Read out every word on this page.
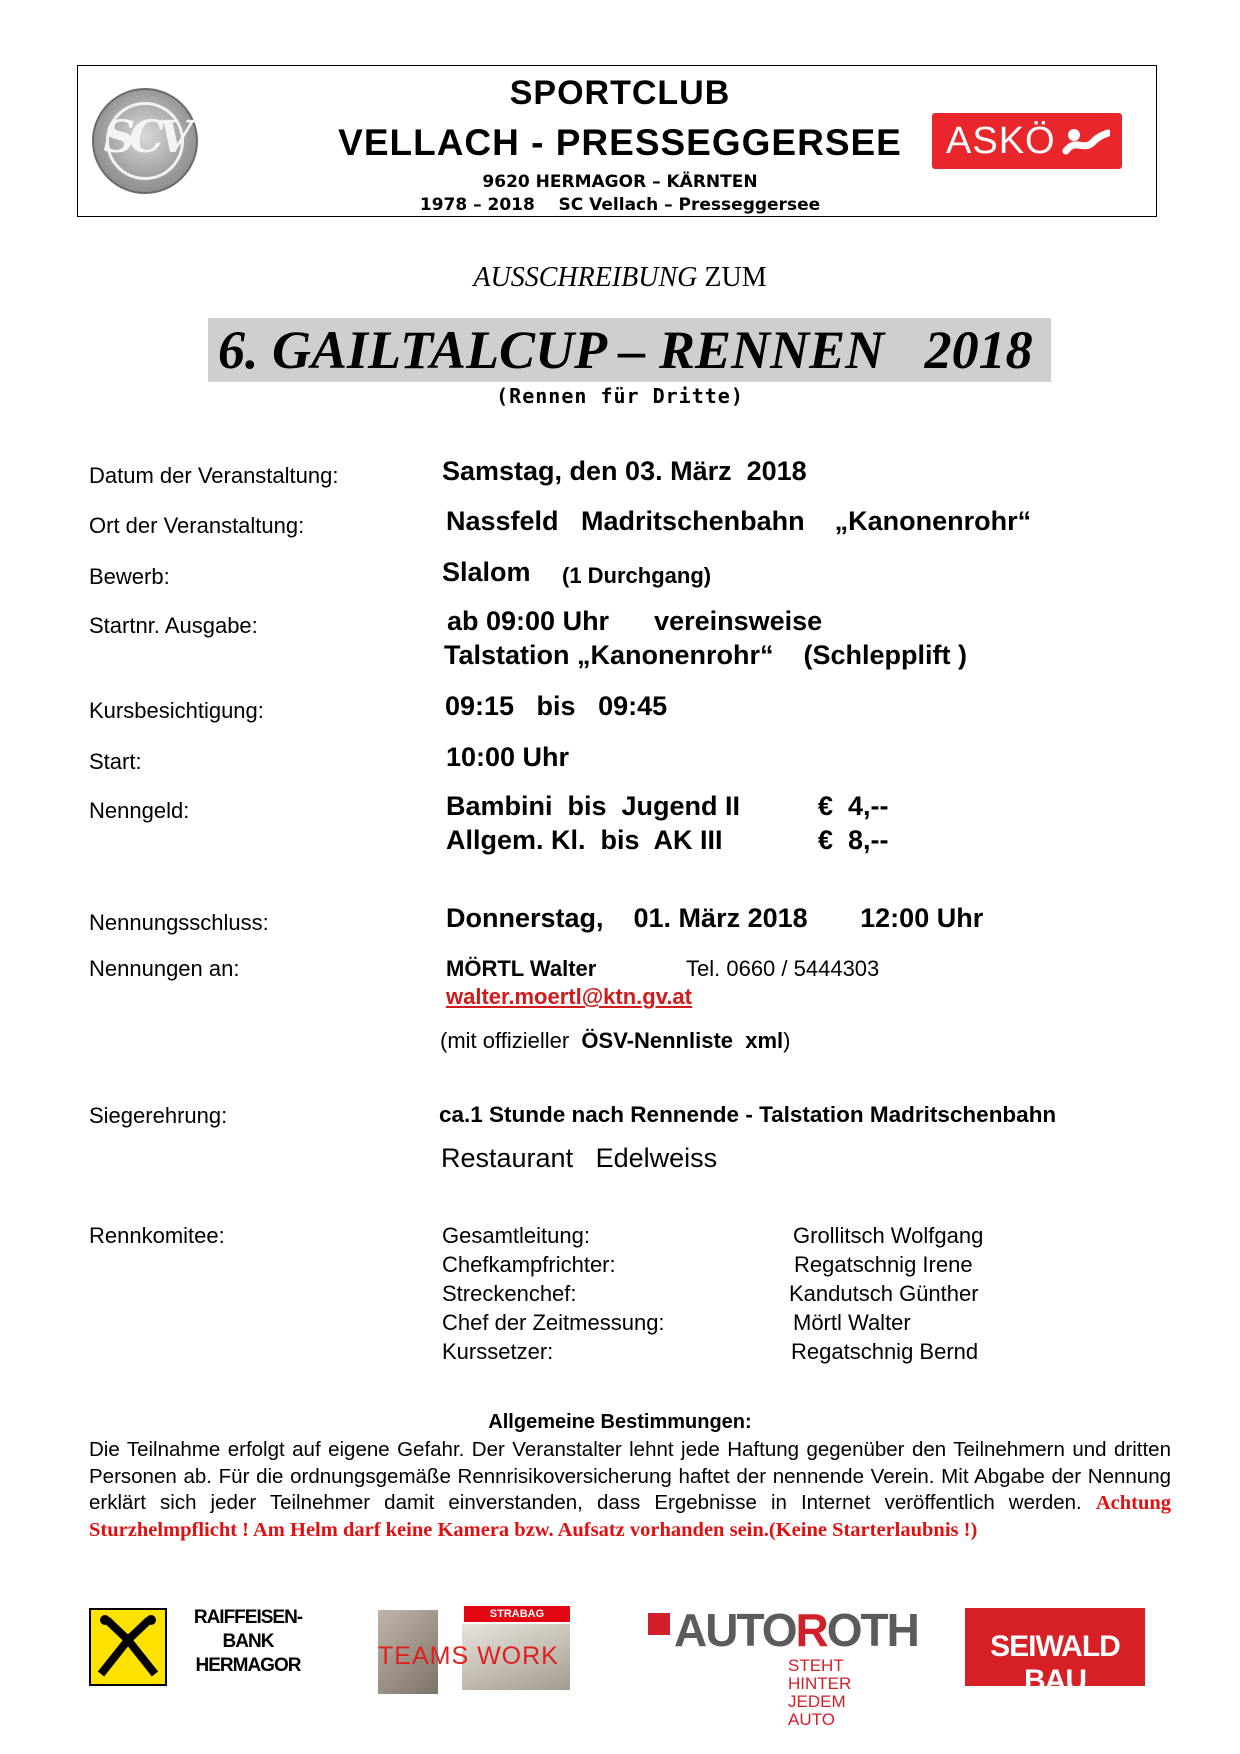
SCV
SPORTCLUB
VELLACH - PRESSEGGERSEE
9620 HERMAGOR – KÄRNTEN
1978 – 2018    SC Vellach – Presseggersee
ASKÖ
AUSSCHREIBUNG ZUM
6. GAILTALCUP – RENNEN   2018
(Rennen für Dritte)
Datum der Veranstaltung:	Samstag, den 03. März  2018
Ort der Veranstaltung:	Nassfeld   Madritschenbahn    „Kanonenrohr“
Bewerb:	Slalom (1 Durchgang)
Startnr. Ausgabe:	ab 09:00 Uhr      vereinsweise
Talstation „Kanonenrohr“    (Schlepplift )
Kursbesichtigung:	09:15   bis   09:45
Start:	10:00 Uhr
Nenngeld:	Bambini  bis  Jugend II	€  4,--
Allgem. Kl.  bis  AK III	€  8,--
Nennungsschluss:	Donnerstag,    01. März 2018       12:00 Uhr
Nennungen an:	MÖRTL Walter	Tel. 0660 / 5444303
walter.moertl@ktn.gv.at
(mit offizieller  ÖSV-Nennliste  xml)
Siegerehrung:	ca.1 Stunde nach Rennende - Talstation Madritschenbahn
Restaurant   Edelweiss
Rennkomitee:	Gesamtleitung:	Grollitsch Wolfgang
Chefkampfrichter:	Regatschnig Irene
Streckenchef:	Kandutsch Günther
Chef der Zeitmessung:	Mörtl Walter
Kurssetzer:	Regatschnig Bernd
Allgemeine Bestimmungen:
Die Teilnahme erfolgt auf eigene Gefahr. Der Veranstalter lehnt jede Haftung gegenüber den Teilnehmern und dritten Personen ab. Für die ordnungsgemäße Rennrisikoversicherung haftet der nennende Verein. Mit Abgabe der Nennung erklärt sich jeder Teilnehmer damit einverstanden, dass Ergebnisse in Internet veröffentlich werden. Achtung Sturzhelmpflicht ! Am Helm darf keine Kamera bzw. Aufsatz vorhanden sein.(Keine Starterlaubnis !)
RAIFFEISEN-
BANK
HERMAGOR
STRABAG
TEAMS WORK	AUTOROTH
STEHT HINTER
JEDEM AUTO
SEIWALD BAU
